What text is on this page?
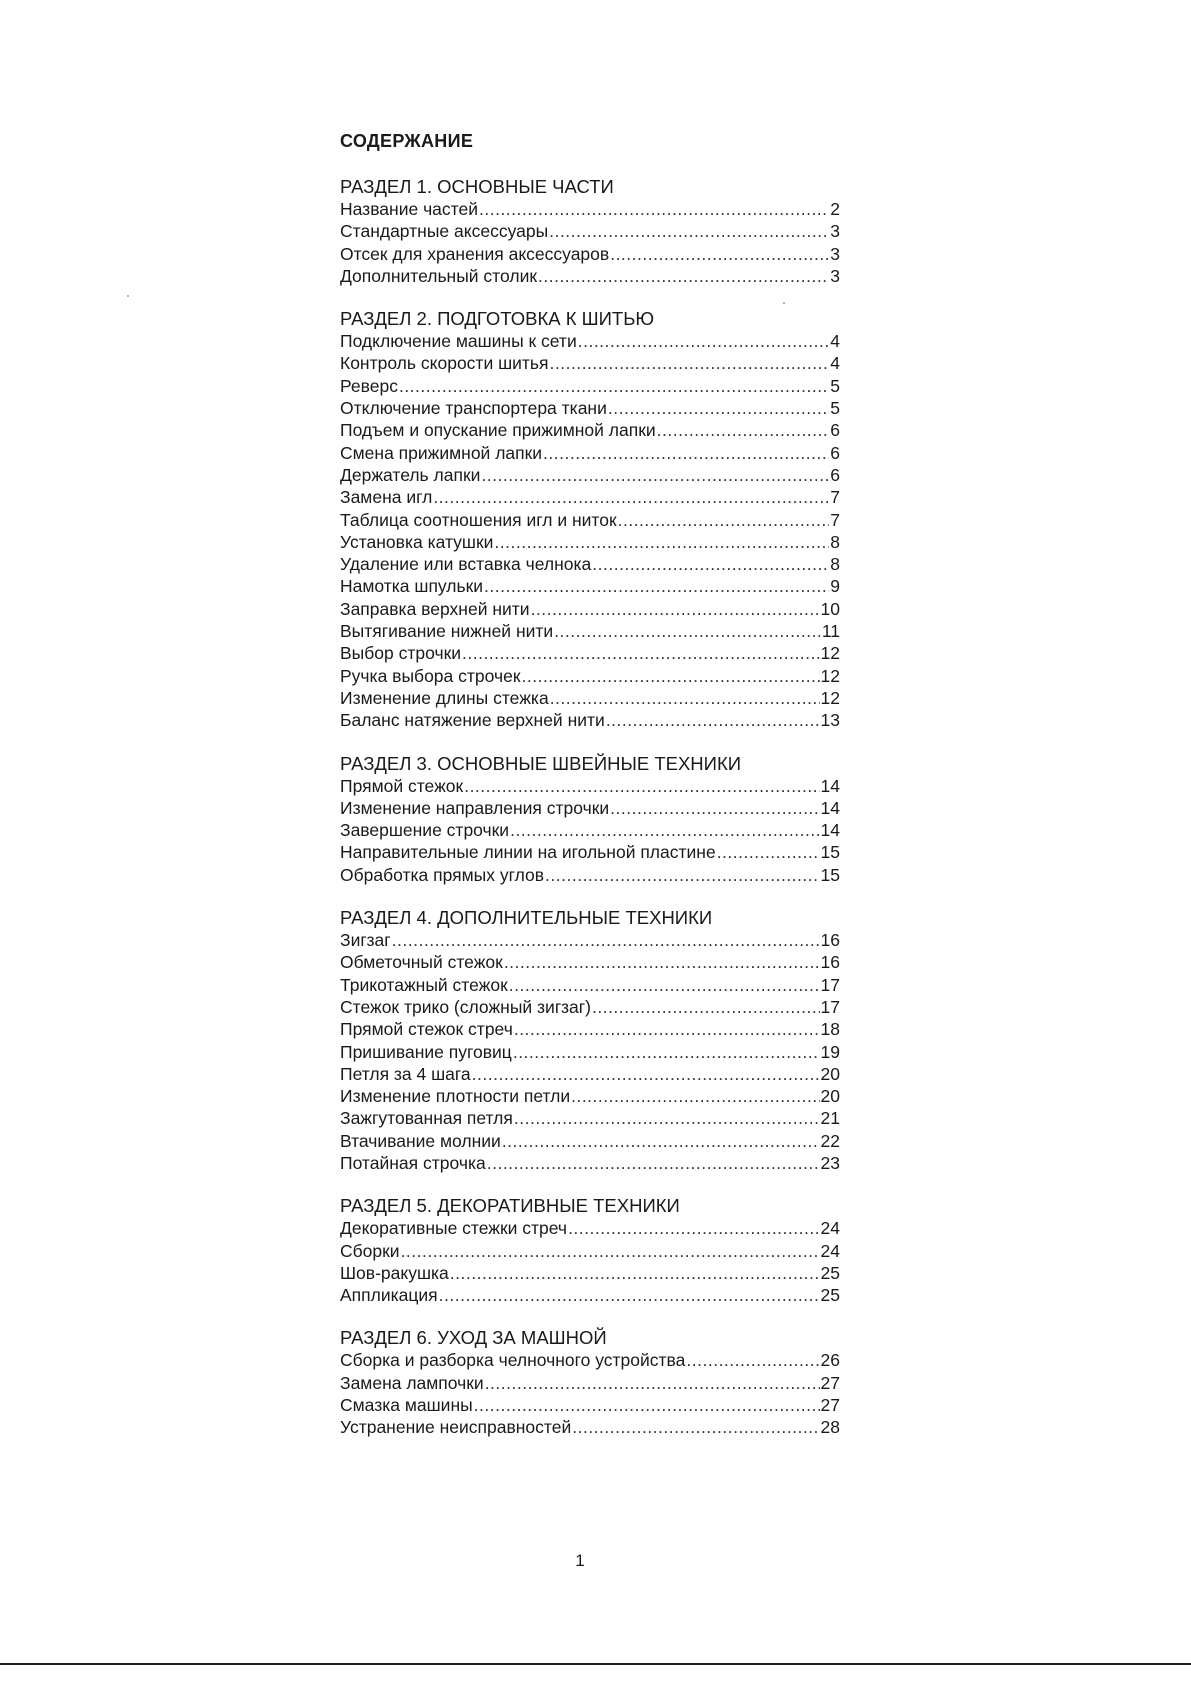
СОДЕРЖАНИЕ
РАЗДЕЛ 1. ОСНОВНЫЕ ЧАСТИ
Название частей .....	2
Стандартные аксессуары .....	3
Отсек для хранения аксессуаров .....	3
Дополнительный столик .....	3
РАЗДЕЛ 2. ПОДГОТОВКА К ШИТЬЮ
Подключение машины к сети .....	4
Контроль скорости шитья .....	4
Реверс .....	5
Отключение транспортера ткани .....	5
Подъем и опускание прижимной лапки .....	6
Смена прижимной лапки .....	6
Держатель лапки .....	6
Замена игл .....	7
Таблица соотношения игл и ниток .....	7
Установка катушки .....	8
Удаление или вставка челнока .....	8
Намотка шпульки .....	9
Заправка верхней нити .....	10
Вытягивание нижней нити .....	11
Выбор строчки .....	12
Ручка выбора строчек .....	12
Изменение длины стежка .....	12
Баланс натяжение верхней нити .....	13
РАЗДЕЛ 3. ОСНОВНЫЕ ШВЕЙНЫЕ ТЕХНИКИ
Прямой стежок .....	14
Изменение направления строчки .....	14
Завершение строчки .....	14
Направительные линии на игольной пластине .....	15
Обработка прямых углов .....	15
РАЗДЕЛ 4. ДОПОЛНИТЕЛЬНЫЕ ТЕХНИКИ
Зигзаг .....	16
Обметочный стежок .....	16
Трикотажный стежок .....	17
Стежок трико (сложный зигзаг) .....	17
Прямой стежок стреч .....	18
Пришивание пуговиц .....	19
Петля за 4 шага .....	20
Изменение плотности петли .....	20
Зажгутованная петля .....	21
Втачивание молнии .....	22
Потайная строчка .....	23
РАЗДЕЛ 5. ДЕКОРАТИВНЫЕ ТЕХНИКИ
Декоративные стежки стреч .....	24
Сборки .....	24
Шов-ракушка .....	25
Аппликация .....	25
РАЗДЕЛ 6. УХОД ЗА МАШНОЙ
Сборка и разборка челночного устройства .....	26
Замена лампочки .....	27
Смазка машины .....	27
Устранение неисправностей .....	28
1
